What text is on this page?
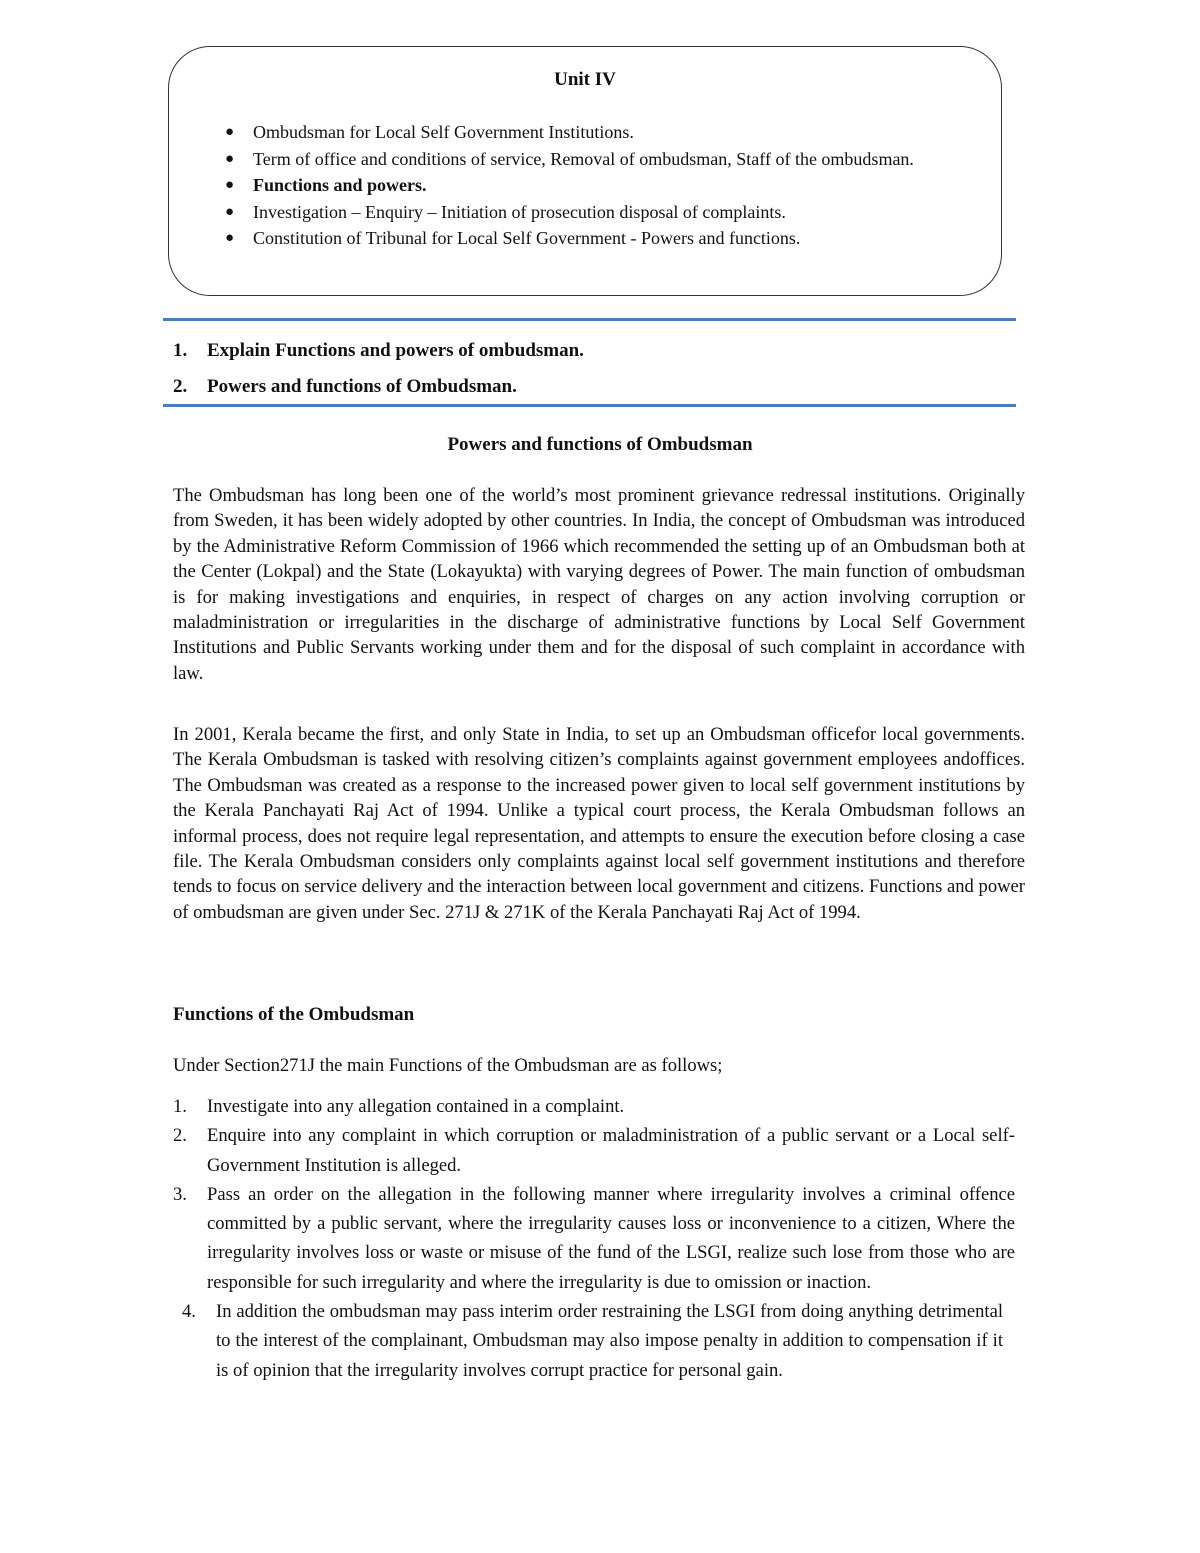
Unit IV
● Ombudsman for Local Self Government Institutions.
● Term of office and conditions of service, Removal of ombudsman, Staff of the ombudsman.
● Functions and powers.
● Investigation – Enquiry – Initiation of prosecution disposal of complaints.
● Constitution of Tribunal for Local Self Government - Powers and functions.
1. Explain Functions and powers of ombudsman.
2. Powers and functions of Ombudsman.
Powers and functions of Ombudsman

The Ombudsman has long been one of the world’s most prominent grievance redressal institutions. Originally from Sweden, it has been widely adopted by other countries. In India, the concept of Ombudsman was introduced by the Administrative Reform Commission of 1966 which recommended the setting up of an Ombudsman both at the Center (Lokpal) and the State (Lokayukta) with varying degrees of Power. The main function of ombudsman is for making investigations and enquiries, in respect of charges on any action involving corruption or maladministration or irregularities in the discharge of administrative functions by Local Self Government Institutions and Public Servants working under them and for the disposal of such complaint in accordance with law.

In 2001, Kerala became the first, and only State in India, to set up an Ombudsman officefor local governments. The Kerala Ombudsman is tasked with resolving citizen’s complaints against government employees andoffices. The Ombudsman was created as a response to the increased power given to local self government institutions by the Kerala Panchayati Raj Act of 1994. Unlike a typical court process, the Kerala Ombudsman follows an informal process, does not require legal representation, and attempts to ensure the execution before closing a case file. The Kerala Ombudsman considers only complaints against local self government institutions and therefore tends to focus on service delivery and the interaction between local government and citizens. Functions and power of ombudsman are given under Sec. 271J & 271K of the Kerala Panchayati Raj Act of 1994.

Functions of the Ombudsman
Under Section271J the main Functions of the Ombudsman are as follows;
1. Investigate into any allegation contained in a complaint.
2. Enquire into any complaint in which corruption or maladministration of a public servant or a Local self-Government Institution is alleged.
3. Pass an order on the allegation in the following manner where irregularity involves a criminal offence committed by a public servant, where the irregularity causes loss or inconvenience to a citizen, Where the irregularity involves loss or waste or misuse of the fund of the LSGI, realize such lose from those who are responsible for such irregularity and where the irregularity is due to omission or inaction.
4. In addition the ombudsman may pass interim order restraining the LSGI from doing anything detrimental to the interest of the complainant, Ombudsman may also impose penalty in addition to compensation if it is of opinion that the irregularity involves corrupt practice for personal gain.
